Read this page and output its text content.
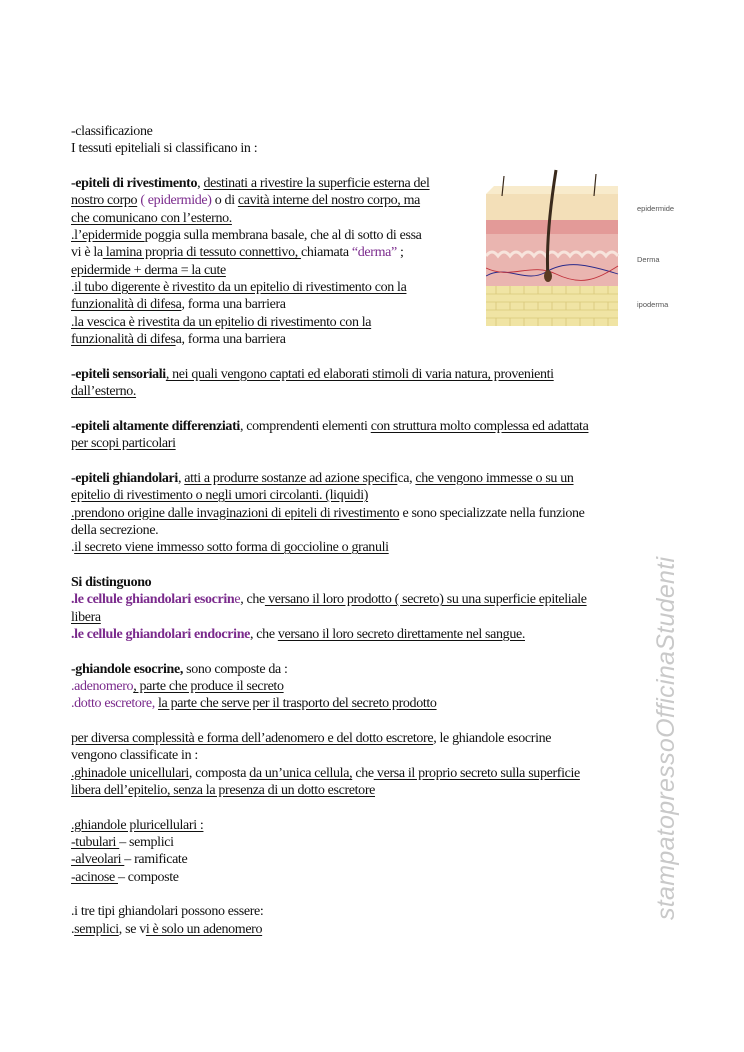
-classificazione
I tessuti epiteliali si classificano in :
-epiteli di rivestimento, destinati a rivestire la superficie esterna del
nostro corpo ( epidermide) o di cavità interne del nostro corpo, ma
che comunicano con l’esterno.
.l’epidermide poggia sulla membrana basale, che al di sotto di essa
vi è la lamina propria di tessuto connettivo, chiamata “derma” ;
epidermide + derma = la cute
.il tubo digerente è rivestito da un epitelio di rivestimento con la
funzionalità di difesa, forma una barriera
.la vescica è rivestita da un epitelio di rivestimento con la
funzionalità di difesa, forma una barriera
-epiteli sensoriali, nei quali vengono captati ed elaborati stimoli di varia natura, provenienti
dall’esterno.
-epiteli altamente differenziati, comprendenti elementi con struttura molto complessa ed adattata
per scopi particolari
-epiteli ghiandolari, atti a produrre sostanze ad azione specifica, che vengono immesse o su un
epitelio di rivestimento o negli umori circolanti. (liquidi)
.prendono origine dalle invaginazioni di epiteli di rivestimento e sono specializzate nella funzione
della secrezione.
.il secreto viene immesso sotto forma di goccioline o granuli
Si distinguono
.le cellule ghiandolari esocrine, che versano il loro prodotto ( secreto) su una superficie epiteliale
libera
.le cellule ghiandolari endocrine, che versano il loro secreto direttamente nel sangue.
-ghiandole esocrine, sono composte da :
.adenomero, parte che produce il secreto
.dotto escretore, la parte che serve per il trasporto del secreto prodotto
per diversa complessità e forma dell’adenomero e del dotto escretore, le ghiandole esocrine
vengono classificate in :
.ghinadole unicellulari, composta da un’unica cellula, che versa il proprio secreto sulla superficie
libera dell’epitelio, senza la presenza di un dotto escretore
.ghiandole pluricellulari :
-tubulari – semplici
-alveolari – ramificate
-acinose – composte
.i tre tipi ghiandolari possono essere:
.semplici, se vi è solo un adenomero
epidermide
Derma
ipoderma
stampatopressoOfficinaStudenti
